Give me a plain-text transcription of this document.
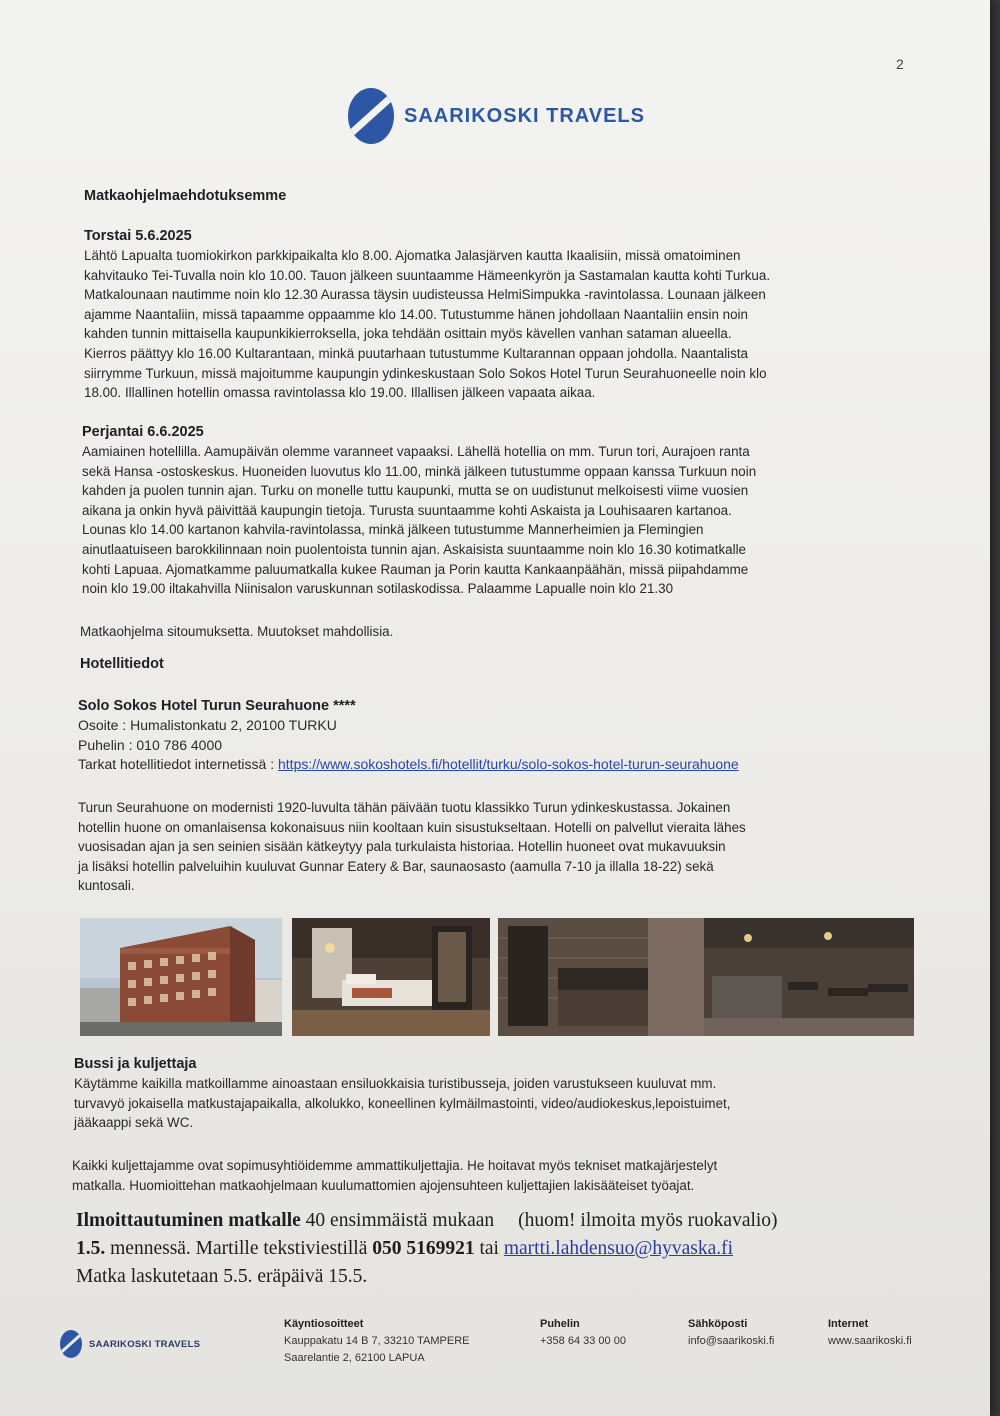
2
SAARIKOSKI TRAVELS
Matkaohjelmaehdotuksemme
Torstai 5.6.2025

Lähtö Lapualta tuomiokirkon parkkipaikalta klo 8.00. Ajomatka Jalasjärven kautta Ikaalisiin, missä omatoiminen

kahvitauko Tei-Tuvalla noin klo 10.00. Tauon jälkeen suuntaamme Hämeenkyrön ja Sastamalan kautta kohti Turkua.

Matkalounaan nautimme noin klo 12.30 Aurassa täysin uudisteussa HelmiSimpukka -ravintolassa. Lounaan jälkeen

ajamme Naantaliin, missä tapaamme oppaamme klo 14.00. Tutustumme hänen johdollaan Naantaliin ensin noin

kahden tunnin mittaisella kaupunkikierroksella, joka tehdään osittain myös kävellen vanhan sataman alueella.

Kierros päättyy klo 16.00 Kultarantaan, minkä puutarhaan tutustumme Kultarannan oppaan johdolla. Naantalista

siirrymme Turkuun, missä majoitumme kaupungin ydinkeskustaan Solo Sokos Hotel Turun Seurahuoneelle noin klo

18.00. Illallinen hotellin omassa ravintolassa klo 19.00. Illallisen jälkeen vapaata aikaa.

Perjantai 6.6.2025

Aamiainen hotellilla. Aamupäivän olemme varanneet vapaaksi. Lähellä hotellia on mm. Turun tori, Aurajoen ranta

sekä Hansa -ostoskeskus. Huoneiden luovutus klo 11.00, minkä jälkeen tutustumme oppaan kanssa Turkuun noin

kahden ja puolen tunnin ajan. Turku on monelle tuttu kaupunki, mutta se on uudistunut melkoisesti viime vuosien

aikana ja onkin hyvä päivittää kaupungin tietoja. Turusta suuntaamme kohti Askaista ja Louhisaaren kartanoa.

Lounas klo 14.00 kartanon kahvila-ravintolassa, minkä jälkeen tutustumme Mannerheimien ja Flemingien

ainutlaatuiseen barokkilinnaan noin puolentoista tunnin ajan. Askaisista suuntaamme noin klo 16.30 kotimatkalle

kohti Lapuaa. Ajomatkamme paluumatkalla kukee Rauman ja Porin kautta Kankaanpäähän, missä piipahdamme

noin klo 19.00 iltakahvilla Niinisalon varuskunnan sotilaskodissa. Palaamme Lapualle noin klo 21.30

Matkaohjelma sitoumuksetta. Muutokset mahdollisia.

Hotellitiedot
Solo Sokos Hotel Turun Seurahuone ****

Osoite : Humalistonkatu 2, 20100 TURKU

Puhelin : 010 786 4000

Tarkat hotellitiedot internetissä : https://www.sokoshotels.fi/hotellit/turku/solo-sokos-hotel-turun-seurahuone

Turun Seurahuone on modernisti 1920-luvulta tähän päivään tuotu klassikko Turun ydinkeskustassa. Jokainen

hotellin huone on omanlaisensa kokonaisuus niin kooltaan kuin sisustukseltaan. Hotelli on palvellut vieraita lähes

vuosisadan ajan ja sen seinien sisään kätkeytyy pala turkulaista historiaa. Hotellin huoneet ovat mukavuuksin

ja lisäksi hotellin palveluihin kuuluvat Gunnar Eatery & Bar, saunaosasto (aamulla 7-10 ja illalla 18-22) sekä

kuntosali.

Bussi ja kuljettaja

Käytämme kaikilla matkoillamme ainoastaan ensiluokkaisia turistibusseja, joiden varustukseen kuuluvat mm.

turvavyö jokaisella matkustajapaikalla, alkolukko, koneellinen kylmäilmastointi, video/audiokeskus,lepoistuimet,

jääkaappi sekä WC.

Kaikki kuljettajamme ovat sopimusyhtiöidemme ammattikuljettajia. He hoitavat myös tekniset matkajärjestelyt

matkalla. Huomioittehan matkaohjelmaan kuulumattomien ajojensuhteen kuljettajien lakisääteiset työajat.

Ilmoittautuminen matkalle 40 ensimmäistä mukaan (huom! ilmoita myös ruokavalio)

1.5. mennessä. Martille tekstiviestillä 050 5169921 tai martti.lahdensuo@hyvaska.fi

Matka laskutetaan 5.5. eräpäivä 15.5.

SAARIKOSKI TRAVELS
Käyntiosoitteet
Kauppakatu 14 B 7, 33210 TAMPERE
Saarelantie 2, 62100 LAPUA
Puhelin
+358 64 33 00 00
Sähköposti
info@saarikoski.fi
Internet
www.saarikoski.fi
